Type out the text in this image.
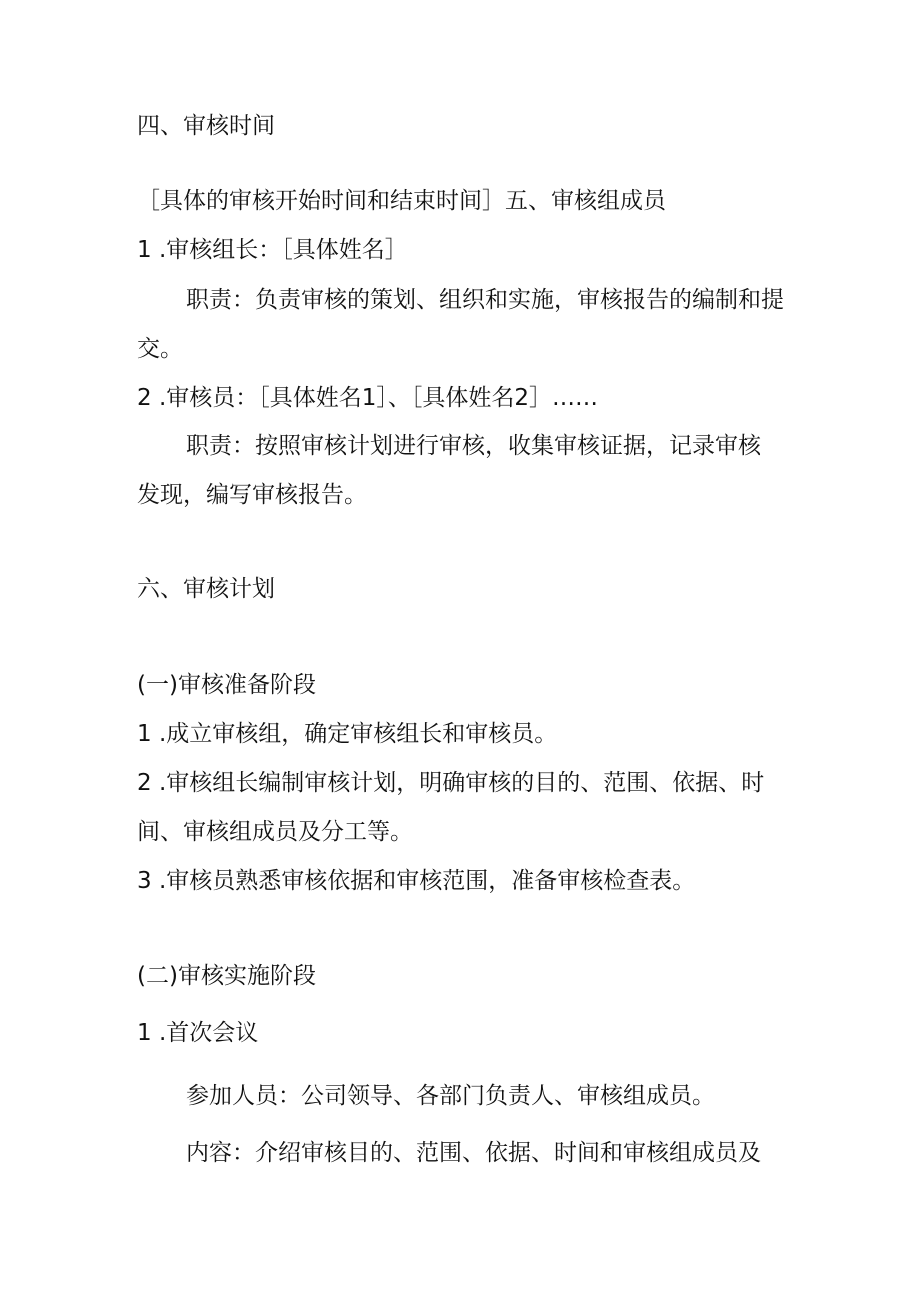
四、审核时间
［具体的审核开始时间和结束时间］五、审核组成员
1 .审核组长：［具体姓名］
职责：负责审核的策划、组织和实施，审核报告的编制和提
交。
2 .审核员：［具体姓名1］、［具体姓名2］……
职责：按照审核计划进行审核，收集审核证据，记录审核
发现，编写审核报告。
六、审核计划
(一)审核准备阶段
1 .成立审核组，确定审核组长和审核员。
2 .审核组长编制审核计划，明确审核的目的、范围、依据、时
间、审核组成员及分工等。
3 .审核员熟悉审核依据和审核范围，准备审核检查表。
(二)审核实施阶段
1 .首次会议
参加人员：公司领导、各部门负责人、审核组成员。
内容：介绍审核目的、范围、依据、时间和审核组成员及
